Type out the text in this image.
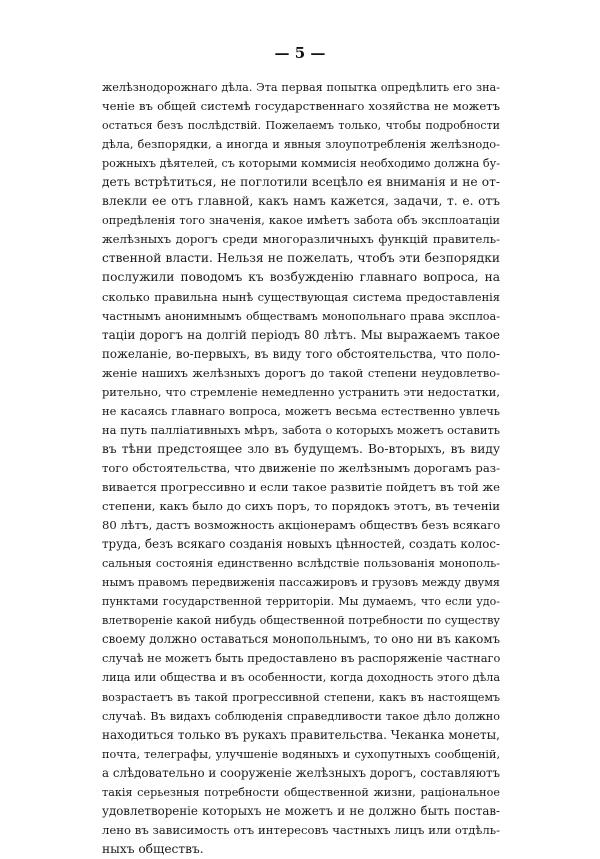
— 5 —
желѣзнодорожнаго дѣла. Эта первая попытка опредѣлить его зна-
ченіе въ общей системѣ государственнаго хозяйства не можетъ
остаться безъ послѣдствій. Пожелаемъ только, чтобы подробности
дѣла, безпорядки, а иногда и явныя злоупотребленія желѣзнодо-
рожныхъ дѣятелей, съ которыми коммисія необходимо должна бу-
деть встрѣтиться, не поглотили всецѣло ея вниманія и не от-
влекли ее отъ главной, какъ намъ кажется, задачи, т. е. отъ
опредѣленія того значенія, какое имѣетъ забота объ эксплоатаціи
желѣзныхъ дорогъ среди многоразличныхъ функцій правитель-
ственной власти. Нельзя не пожелать, чтобъ эти безпорядки
послужили поводомъ къ возбужденію главнаго вопроса, на
сколько правильна нынѣ существующая система предоставленія
частнымъ анонимнымъ обществамъ монопольнаго права эксплоа-
таціи дорогъ на долгій періодъ 80 лѣтъ. Мы выражаемъ такое
пожеланіе, во-первыхъ, въ виду того обстоятельства, что поло-
женіе нашихъ желѣзныхъ дорогъ до такой степени неудовлетво-
рительно, что стремленіе немедленно устранить эти недостатки,
не касаясь главнаго вопроса, можетъ весьма естественно увлечь
на путь паллiативныхъ мѣръ, забота о которыхъ можетъ оставить
въ тѣни предстоящее зло въ будущемъ. Во-вторыхъ, въ виду
того обстоятельства, что движеніе по желѣзнымъ дорогамъ раз-
вивается прогрессивно и если такое развитіе пойдетъ въ той же
степени, какъ было до сихъ поръ, то порядокъ этотъ, въ теченіи
80 лѣтъ, дастъ возможность акціонерамъ обществъ безъ всякаго
труда, безъ всякаго созданія новыхъ цѣнностей, создать колос-
сальныя состоянія единственно вслѣдствіе пользованія монополь-
нымъ правомъ передвиженія пассажировъ и грузовъ между двумя
пунктами государственной территоріи. Мы думаемъ, что если удо-
влетвореніе какой нибудь общественной потребности по существу
своему должно оставаться монопольнымъ, то оно ни въ какомъ
случаѣ не можетъ быть предоставлено въ распоряженіе частнаго
лица или общества и въ особенности, когда доходность этого дѣла
возрастаетъ въ такой прогрессивной степени, какъ въ настоящемъ
случаѣ. Въ видахъ соблюденія справедливости такое дѣло должно
находиться только въ рукахъ правительства. Чеканка монеты,
почта, телеграфы, улучшеніе водяныхъ и сухопутныхъ сообщеній,
а слѣдовательно и сооруженіе желѣзныхъ дорогъ, составляютъ
такія серьезныя потребности общественной жизни, раціональное
удовлетвореніе которыхъ не можетъ и не должно быть постав-
лено въ зависимость отъ интересовъ частныхъ лицъ или отдѣль-
ныхъ обществъ.
